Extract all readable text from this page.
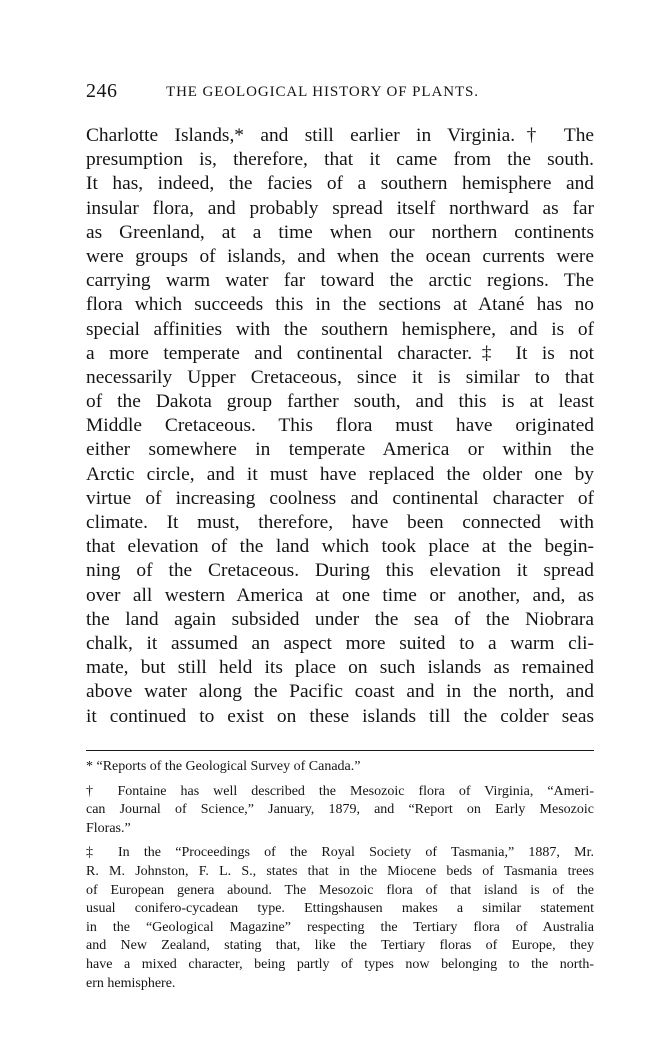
246	THE GEOLOGICAL HISTORY OF PLANTS.
Charlotte Islands,* and still earlier in Virginia.† The
presumption is, therefore, that it came from the south.
It has, indeed, the facies of a southern hemisphere and
insular flora, and probably spread itself northward as far
as Greenland, at a time when our northern continents
were groups of islands, and when the ocean currents were
carrying warm water far toward the arctic regions. The
flora which succeeds this in the sections at Atané has no
special affinities with the southern hemisphere, and is of
a more temperate and continental character.‡ It is not
necessarily Upper Cretaceous, since it is similar to that
of the Dakota group farther south, and this is at least
Middle Cretaceous. This flora must have originated
either somewhere in temperate America or within the
Arctic circle, and it must have replaced the older one by
virtue of increasing coolness and continental character of
climate. It must, therefore, have been connected with
that elevation of the land which took place at the begin-
ning of the Cretaceous. During this elevation it spread
over all western America at one time or another, and, as
the land again subsided under the sea of the Niobrara
chalk, it assumed an aspect more suited to a warm cli-
mate, but still held its place on such islands as remained
above water along the Pacific coast and in the north, and
it continued to exist on these islands till the colder seas
* “Reports of the Geological Survey of Canada.”
† Fontaine has well described the Mesozoic flora of Virginia, “Ameri-
can Journal of Science,” January, 1879, and “Report on Early Mesozoic
Floras.”
‡ In the “Proceedings of the Royal Society of Tasmania,” 1887, Mr.
R. M. Johnston, F. L. S., states that in the Miocene beds of Tasmania trees
of European genera abound. The Mesozoic flora of that island is of the
usual conifero-cycadean type. Ettingshausen makes a similar statement
in the “Geological Magazine” respecting the Tertiary flora of Australia
and New Zealand, stating that, like the Tertiary floras of Europe, they
have a mixed character, being partly of types now belonging to the north-
ern hemisphere.
